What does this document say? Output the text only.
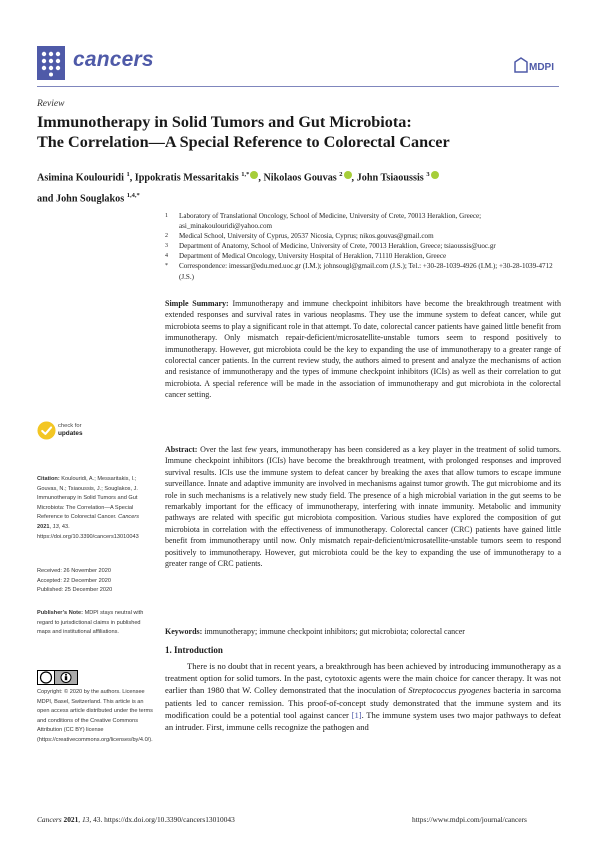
cancers	MDPI
Review
Immunotherapy in Solid Tumors and Gut Microbiota:
The Correlation—A Special Reference to Colorectal Cancer
Asimina Koulouridi $^1$, Ippokratis Messaritakis $^{1,*}$ , Nikolaos Gouvas $^2$ , John Tsiaoussis $^3$
and John Souglakos $^{1,4,*}$
1	Laboratory of Translational Oncology, School of Medicine, University of Crete, 70013 Heraklion, Greece; asi_minakoulouridi@yahoo.com
2	Medical School, University of Cyprus, 20537 Nicosia, Cyprus; nikos.gouvas@gmail.com
3	Department of Anatomy, School of Medicine, University of Crete, 70013 Heraklion, Greece; tsiaoussis@uoc.gr
4	Department of Medical Oncology, University Hospital of Heraklion, 71110 Heraklion, Greece
*	Correspondence: imessar@edu.med.uoc.gr (I.M.); johnsougl@gmail.com (J.S.); Tel.: +30-28-1039-4926 (I.M.); +30-28-1039-4712 (J.S.)
Simple Summary: Immunotherapy and immune checkpoint inhibitors have become the breakthrough treatment with extended responses and survival rates in various neoplasms. They use the immune system to defeat cancer, while gut microbiota seems to play a significant role in that attempt. To date, colorectal cancer patients have gained little benefit from immunotherapy. Only mismatch repair-deficient/microsatellite-unstable tumors seem to respond positively to immunotherapy. However, gut microbiota could be the key to expanding the use of immunotherapy to a greater range of colorectal cancer patients. In the current review study, the authors aimed to present and analyze the mechanisms of action and resistance of immunotherapy and the types of immune checkpoint inhibitors (ICIs) as well as their correlation to gut microbiota. A special reference will be made in the association of immunotherapy and gut microbiota in the colorectal cancer setting.
Abstract: Over the last few years, immunotherapy has been considered as a key player in the treatment of solid tumors. Immune checkpoint inhibitors (ICIs) have become the breakthrough treatment, with prolonged responses and improved survival results. ICIs use the immune system to defeat cancer by breaking the axes that allow tumors to escape immune surveillance. Innate and adaptive immunity are involved in mechanisms against tumor growth. The gut microbiome and its role in such mechanisms is a relatively new study field. The presence of a high microbial variation in the gut seems to be remarkably important for the efficacy of immunotherapy, interfering with innate immunity. Metabolic and immunity pathways are related with specific gut microbiota composition. Various studies have explored the composition of gut microbiota in correlation with the effectiveness of immunotherapy. Colorectal cancer (CRC) patients have gained little benefit from immunotherapy until now. Only mismatch repair-deficient/microsatellite-unstable tumors seem to respond positively to immunotherapy. However, gut microbiota could be the key to expanding the use of immunotherapy to a greater range of CRC patients.
Keywords: immunotherapy; immune checkpoint inhibitors; gut microbiota; colorectal cancer
1. Introduction
There is no doubt that in recent years, a breakthrough has been achieved by introducing immunotherapy as a treatment option for solid tumors. In the past, cytotoxic agents were the main choice for cancer therapy. It was not earlier than 1980 that W. Colley demonstrated that the inoculation of Streptococcus pyogenes bacteria in sarcoma patients led to cancer remission. This proof-of-concept study demonstrated that the immune system and its modification could be a potential tool against cancer [1]. The immune system uses two major pathways to defeat an intruder. First, immune cells recognize the pathogen and
check for
updates
Citation: Koulouridi, A.; Messaritakis, I.; Gouvas, N.; Tsiaoussis, J.; Souglakos, J. Immunotherapy in Solid Tumors and Gut Microbiota: The Correlation—A Special Reference to Colorectal Cancer. Cancers 2021, 13, 43. https://doi.org/10.3390/cancers13010043
Received: 26 November 2020
Accepted: 22 December 2020
Published: 25 December 2020
Publisher’s Note: MDPI stays neutral with regard to jurisdictional claims in published maps and institutional affiliations.
Copyright: © 2020 by the authors. Licensee MDPI, Basel, Switzerland. This article is an open access article distributed under the terms and conditions of the Creative Commons Attribution (CC BY) license (https://creativecommons.org/licenses/by/4.0/).
Cancers 2021, 13, 43. https://dx.doi.org/10.3390/cancers13010043	https://www.mdpi.com/journal/cancers
